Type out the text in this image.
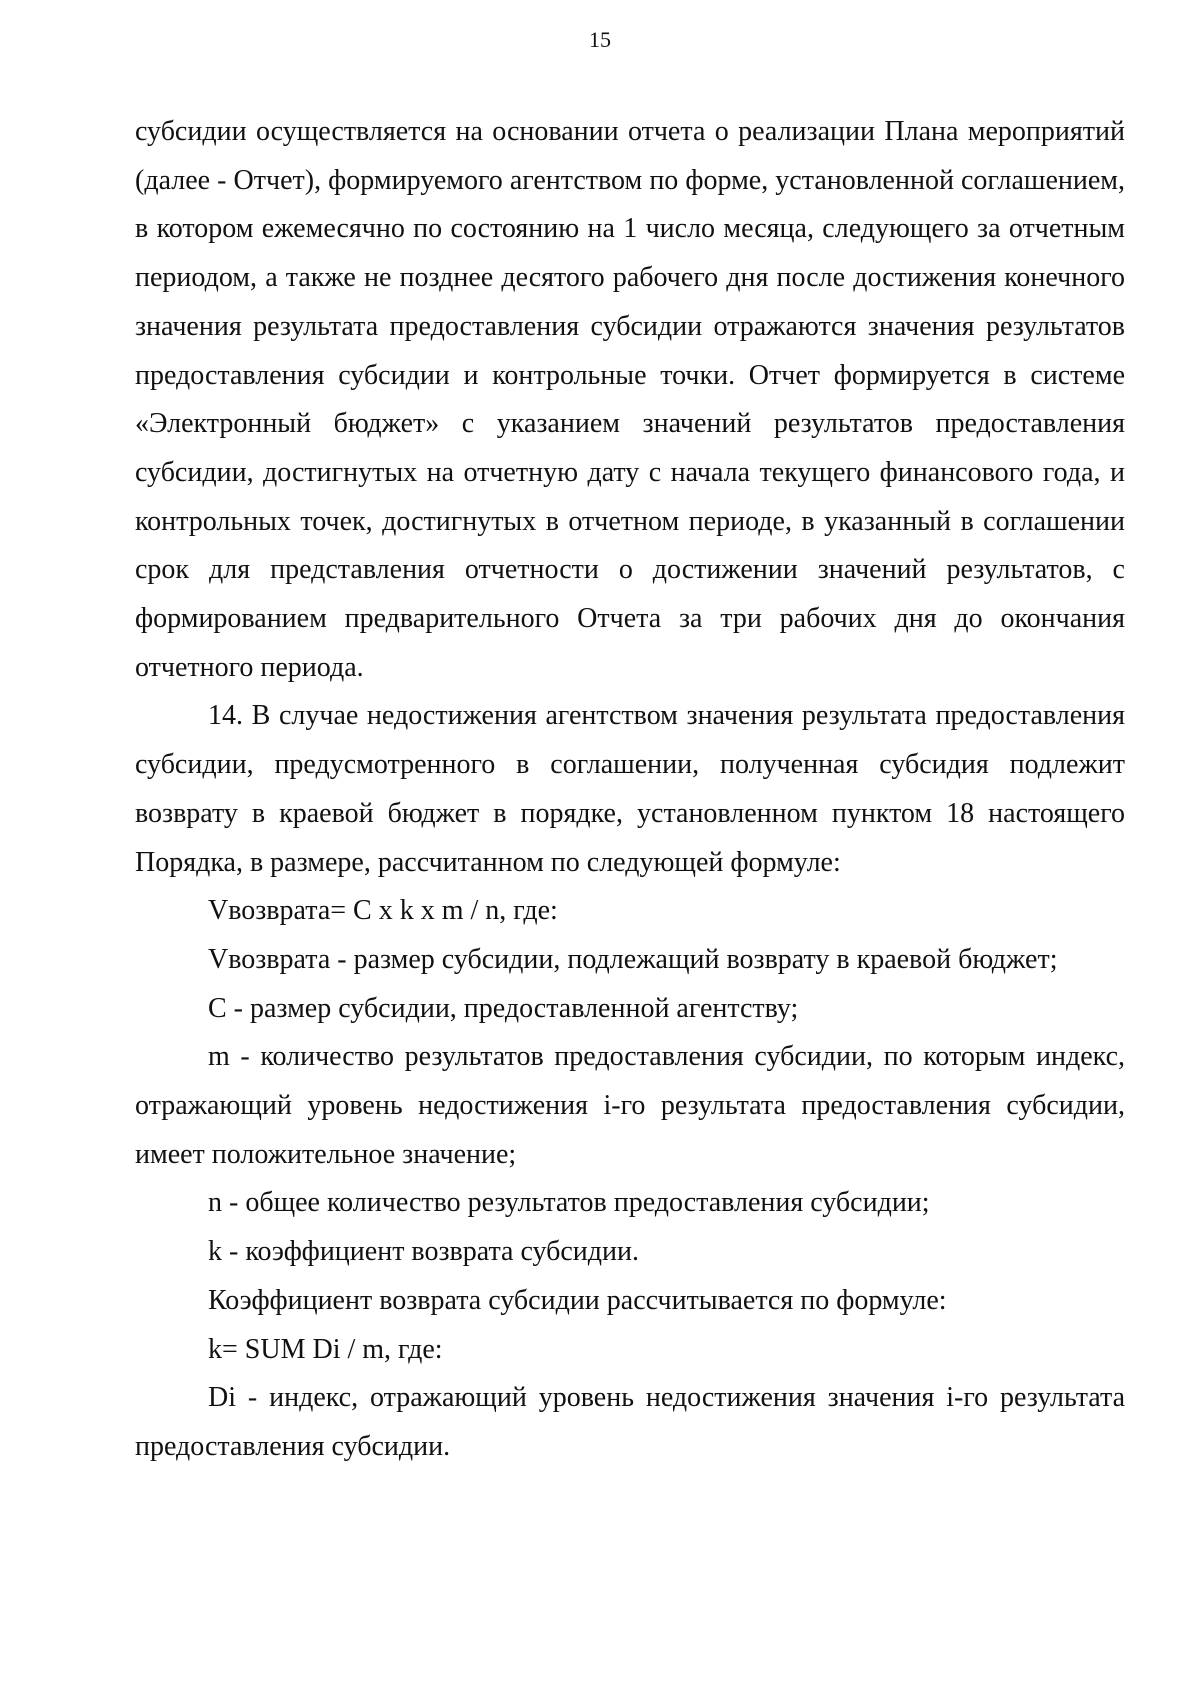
15

субсидии осуществляется на основании отчета о реализации Плана мероприятий (далее - Отчет), формируемого агентством по форме, установленной соглашением, в котором ежемесячно по состоянию на 1 число месяца, следующего за отчетным периодом, а также не позднее десятого рабочего дня после достижения конечного значения результата предоставления субсидии отражаются значения результатов предоставления субсидии и контрольные точки. Отчет формируется в системе «Электронный бюджет» с указанием значений результатов предоставления субсидии, достигнутых на отчетную дату с начала текущего финансового года, и контрольных точек, достигнутых в отчетном периоде, в указанный в соглашении срок для представления отчетности о достижении значений результатов, с формированием предварительного Отчета за три рабочих дня до окончания отчетного периода.

14. В случае недостижения агентством значения результата предоставления субсидии, предусмотренного в соглашении, полученная субсидия подлежит возврату в краевой бюджет в порядке, установленном пунктом 18 настоящего Порядка, в размере, рассчитанном по следующей формуле:

Vвозврата= C x k x m / n, где:

Vвозврата - размер субсидии, подлежащий возврату в краевой бюджет;

C - размер субсидии, предоставленной агентству;

m - количество результатов предоставления субсидии, по которым индекс, отражающий уровень недостижения i-го результата предоставления субсидии, имеет положительное значение;

n - общее количество результатов предоставления субсидии;

k - коэффициент возврата субсидии.

Коэффициент возврата субсидии рассчитывается по формуле:

k= SUM Di / m, где:

Di - индекс, отражающий уровень недостижения значения i-го результата предоставления субсидии.
